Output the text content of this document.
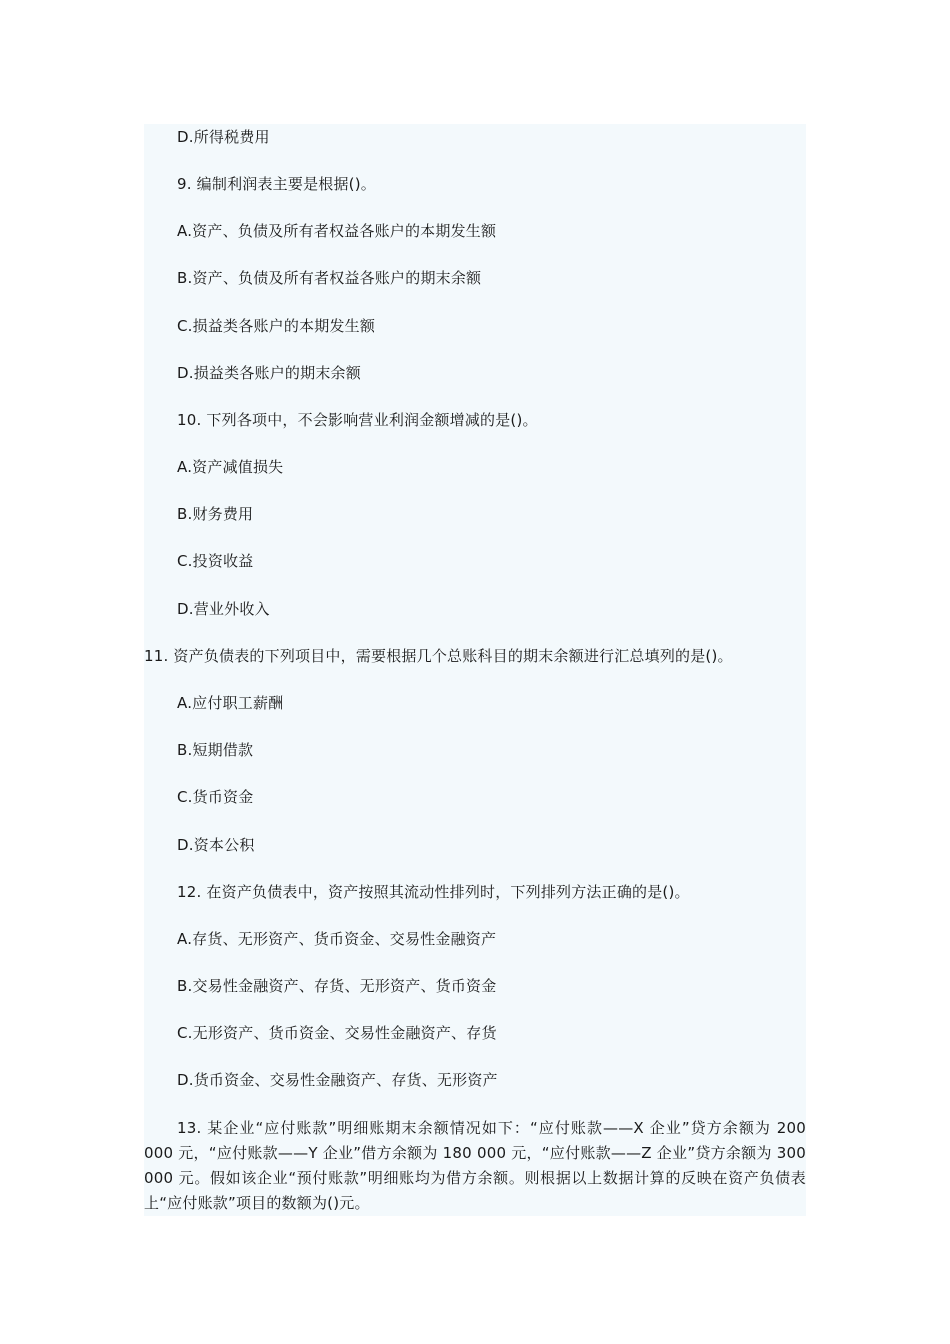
D.所得税费用
9. 编制利润表主要是根据()。
A.资产、负债及所有者权益各账户的本期发生额
B.资产、负债及所有者权益各账户的期末余额
C.损益类各账户的本期发生额
D.损益类各账户的期末余额
10. 下列各项中，不会影响营业利润金额增减的是()。
A.资产减值损失
B.财务费用
C.投资收益
D.营业外收入
11. 资产负债表的下列项目中，需要根据几个总账科目的期末余额进行汇总填列的是()。
A.应付职工薪酬
B.短期借款
C.货币资金
D.资本公积
12. 在资产负债表中，资产按照其流动性排列时，下列排列方法正确的是()。
A.存货、无形资产、货币资金、交易性金融资产
B.交易性金融资产、存货、无形资产、货币资金
C.无形资产、货币资金、交易性金融资产、存货
D.货币资金、交易性金融资产、存货、无形资产
13. 某企业“应付账款”明细账期末余额情况如下：“应付账款——X 企业”贷方余额为 200 000 元，“应付账款——Y 企业”借方余额为 180 000 元，“应付账款——Z 企业”贷方余额为 300 000 元。假如该企业“预付账款”明细账均为借方余额。则根据以上数据计算的反映在资产负债表上“应付账款”项目的数额为()元。
